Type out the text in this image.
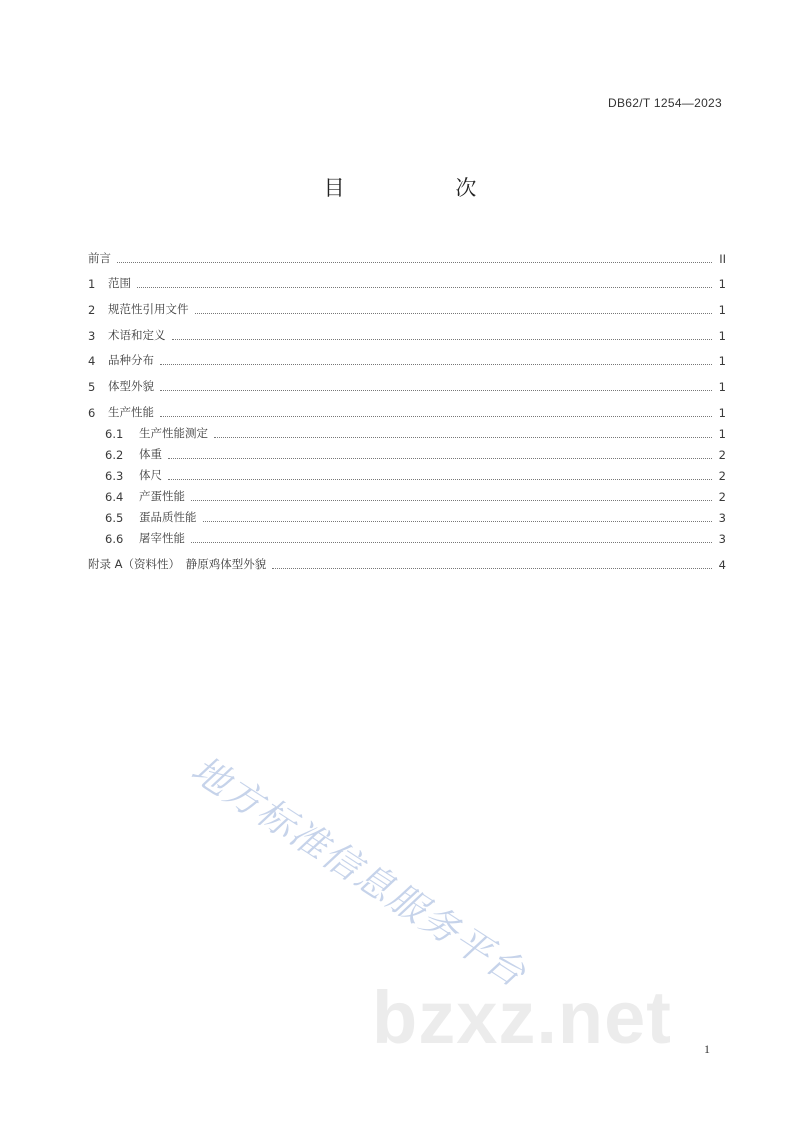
DB62/T 1254—2023
目 次
前言	II
1	范围	1
2	规范性引用文件	1
3	术语和定义	1
4	品种分布	1
5	体型外貌	1
6	生产性能	1
6.1	生产性能测定	1
6.2	体重	2
6.3	体尺	2
6.4	产蛋性能	2
6.5	蛋品质性能	3
6.6	屠宰性能	3
附录 A（资料性）　静原鸡体型外貌	4
地方标准信息服务平台
bzxz.net	1
